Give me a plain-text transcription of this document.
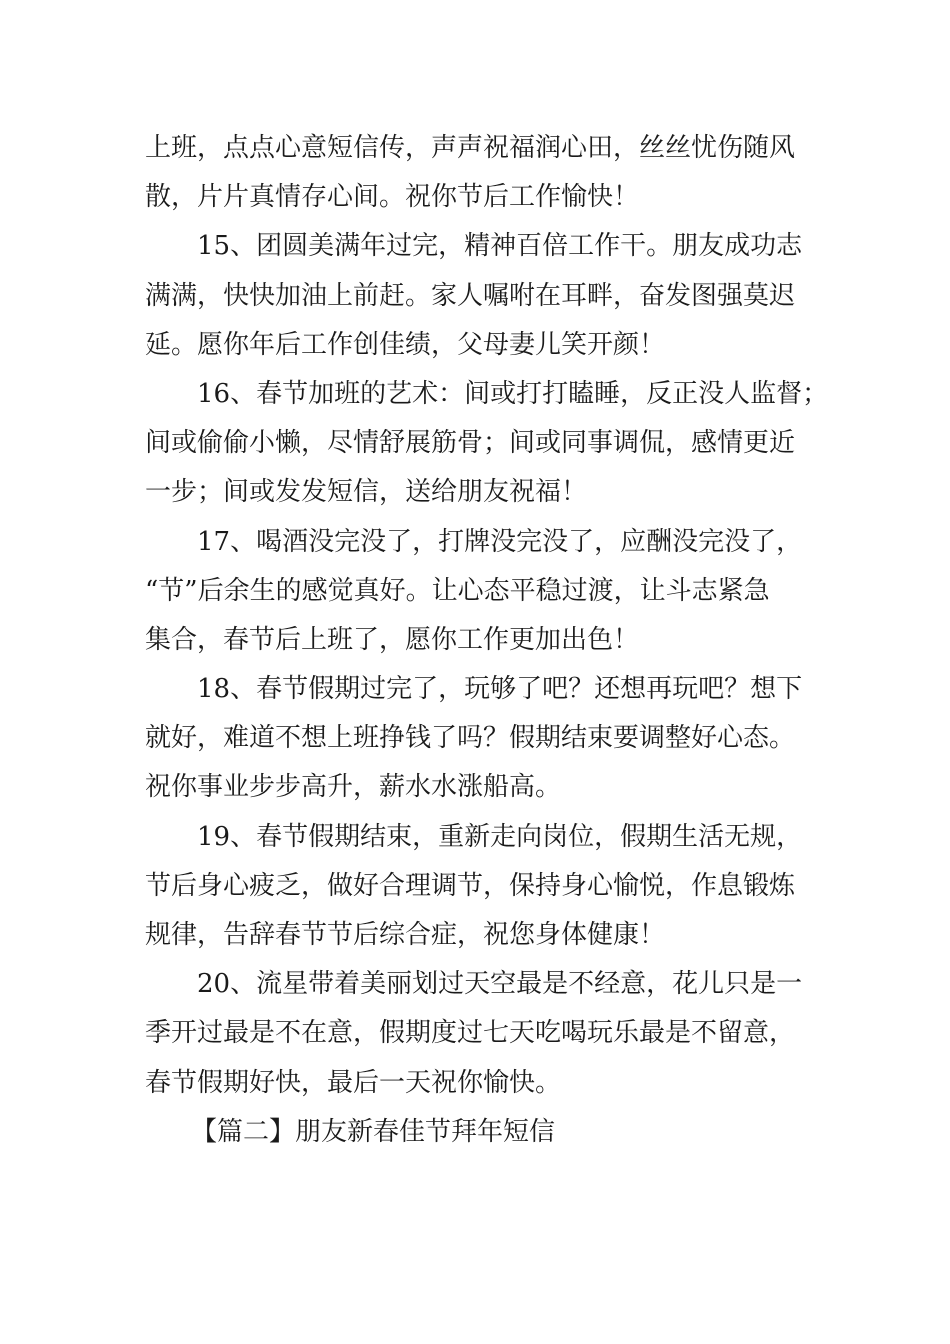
上班，点点心意短信传，声声祝福润心田，丝丝忧伤随风
散，片片真情存心间。祝你节后工作愉快！
15、团圆美满年过完，精神百倍工作干。朋友成功志
满满，快快加油上前赶。家人嘱咐在耳畔，奋发图强莫迟
延。愿你年后工作创佳绩，父母妻儿笑开颜！
16、春节加班的艺术：间或打打瞌睡，反正没人监督；
间或偷偷小懒，尽情舒展筋骨；间或同事调侃，感情更近
一步；间或发发短信，送给朋友祝福！
17、喝酒没完没了，打牌没完没了，应酬没完没了，
“节”后余生的感觉真好。让心态平稳过渡，让斗志紧急
集合，春节后上班了，愿你工作更加出色！
18、春节假期过完了，玩够了吧？还想再玩吧？想下
就好，难道不想上班挣钱了吗？假期结束要调整好心态。
祝你事业步步高升，薪水水涨船高。
19、春节假期结束，重新走向岗位，假期生活无规，
节后身心疲乏，做好合理调节，保持身心愉悦，作息锻炼
规律，告辞春节节后综合症，祝您身体健康！
20、流星带着美丽划过天空最是不经意，花儿只是一
季开过最是不在意，假期度过七天吃喝玩乐最是不留意，
春节假期好快，最后一天祝你愉快。
【篇二】朋友新春佳节拜年短信
